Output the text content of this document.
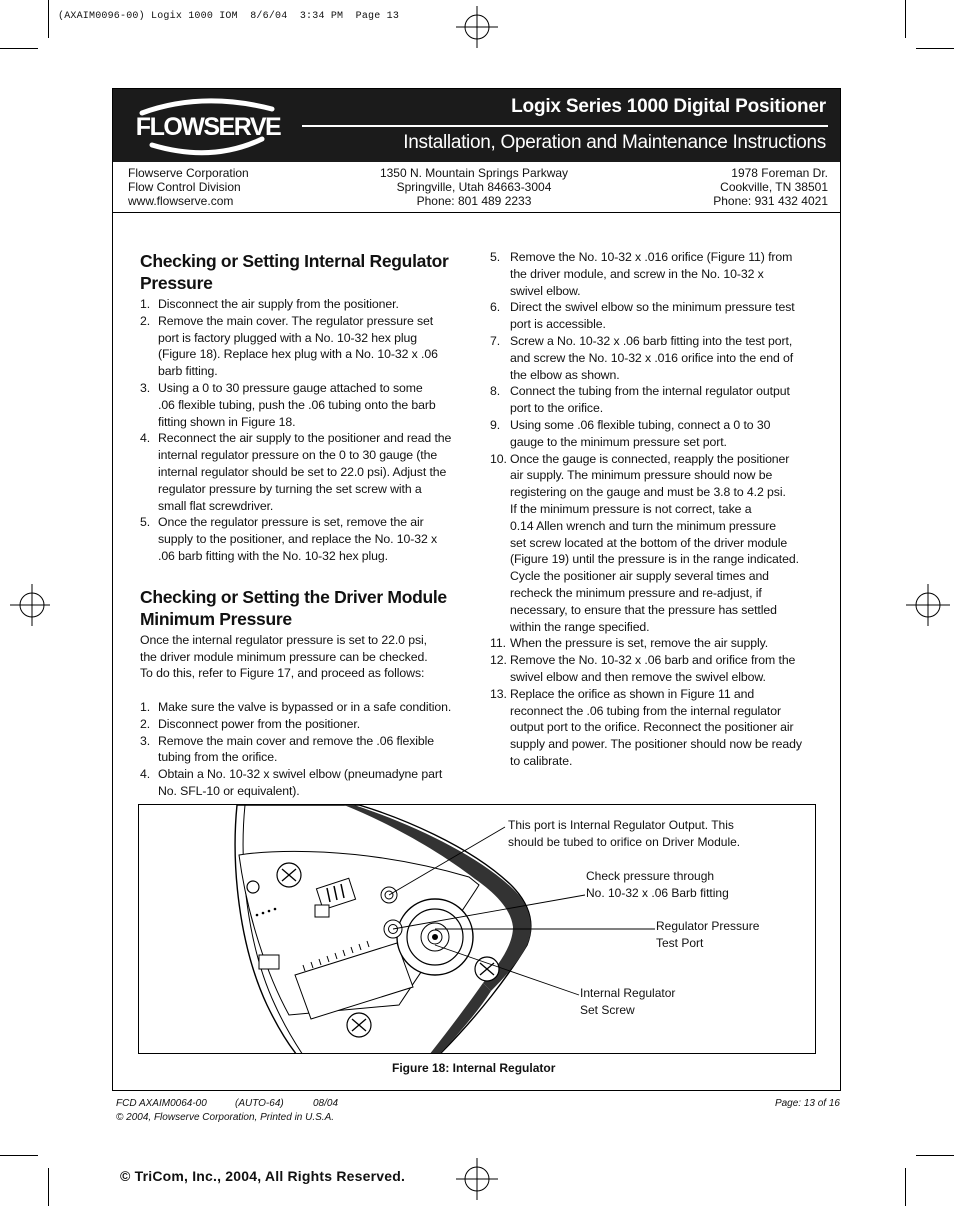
(AXAIM0096-00) Logix 1000 IOM  8/6/04  3:34 PM  Page 13
FLOWSERVE
Logix Series 1000 Digital Positioner
Installation, Operation and Maintenance Instructions
Flowserve Corporation
Flow Control Division
www.flowserve.com
1350 N. Mountain Springs Parkway
Springville, Utah 84663-3004
Phone: 801 489 2233
1978 Foreman Dr.
Cookville, TN 38501
Phone: 931 432 4021
Checking or Setting Internal Regulator
Pressure
1. Disconnect the air supply from the positioner.
2. Remove the main cover. The regulator pressure set
port is factory plugged with a No. 10-32 hex plug
(Figure 18). Replace hex plug with a No. 10-32 x .06
barb fitting.
3. Using a 0 to 30 pressure gauge attached to some
.06 flexible tubing, push the .06 tubing onto the barb
fitting shown in Figure 18.
4. Reconnect the air supply to the positioner and read the
internal regulator pressure on the 0 to 30 gauge (the
internal regulator should be set to 22.0 psi). Adjust the
regulator pressure by turning the set screw with a
small flat screwdriver.
5. Once the regulator pressure is set, remove the air
supply to the positioner, and replace the No. 10-32 x
.06 barb fitting with the No. 10-32 hex plug.
Checking or Setting the Driver Module
Minimum Pressure
Once the internal regulator pressure is set to 22.0 psi,
the driver module minimum pressure can be checked.
To do this, refer to Figure 17, and proceed as follows:
1. Make sure the valve is bypassed or in a safe condition.
2. Disconnect power from the positioner.
3. Remove the main cover and remove the .06 flexible
tubing from the orifice.
4. Obtain a No. 10-32 x swivel elbow (pneumadyne part
No. SFL-10 or equivalent).
5. Remove the No. 10-32 x .016 orifice (Figure 11) from
the driver module, and screw in the No. 10-32 x
swivel elbow.
6. Direct the swivel elbow so the minimum pressure test
port is accessible.
7. Screw a No. 10-32 x .06 barb fitting into the test port,
and screw the No. 10-32 x .016 orifice into the end of
the elbow as shown.
8. Connect the tubing from the internal regulator output
port to the orifice.
9. Using some .06 flexible tubing, connect a 0 to 30
gauge to the minimum pressure set port.
10. Once the gauge is connected, reapply the positioner
air supply. The minimum pressure should now be
registering on the gauge and must be 3.8 to 4.2 psi.
If the minimum pressure is not correct, take a
0.14 Allen wrench and turn the minimum pressure
set screw located at the bottom of the driver module
(Figure 19) until the pressure is in the range indicated.
Cycle the positioner air supply several times and
recheck the minimum pressure and re-adjust, if
necessary, to ensure that the pressure has settled
within the range specified.
11. When the pressure is set, remove the air supply.
12. Remove the No. 10-32 x .06 barb and orifice from the
swivel elbow and then remove the swivel elbow.
13. Replace the orifice as shown in Figure 11 and
reconnect the .06 tubing from the internal regulator
output port to the orifice. Reconnect the positioner air
supply and power. The positioner should now be ready
to calibrate.
This port is Internal Regulator Output. This
should be tubed to orifice on Driver Module.
Check pressure through
No. 10-32 x .06 Barb fitting
Regulator Pressure
Test Port
Internal Regulator
Set Screw
Figure 18: Internal Regulator
FCD AXAIM0064-00	(AUTO-64)	08/04
© 2004, Flowserve Corporation, Printed in U.S.A.
Page: 13 of 16
© TriCom, Inc., 2004, All Rights Reserved.
